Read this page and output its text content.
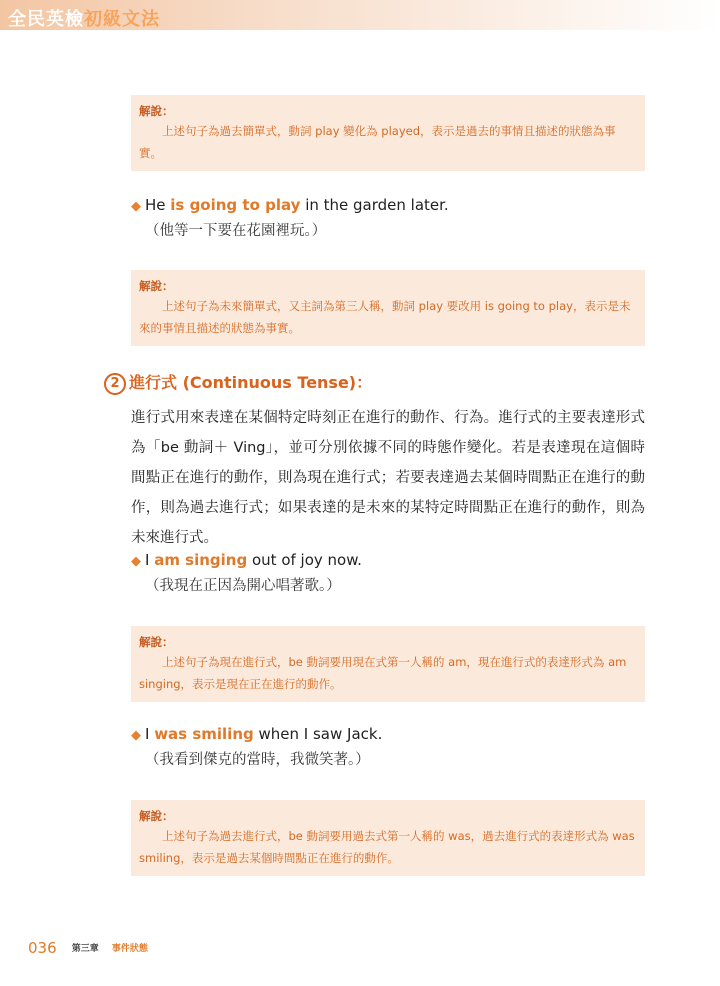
全民英檢初級文法
解說：
上述句子為過去簡單式，動詞 play 變化為 played，表示是過去的事情且描述的狀態為事實。
◆ He is going to play in the garden later.
（他等一下要在花園裡玩。）
解說：
上述句子為未來簡單式，又主詞為第三人稱，動詞 play 要改用 is going to play，表示是未來的事情且描述的狀態為事實。
2 進行式 (Continuous Tense)：
進行式用來表達在某個特定時刻正在進行的動作、行為。進行式的主要表達形式為「be 動詞＋ Ving」，並可分別依據不同的時態作變化。若是表達現在這個時間點正在進行的動作，則為現在進行式；若要表達過去某個時間點正在進行的動作，則為過去進行式；如果表達的是未來的某特定時間點正在進行的動作，則為未來進行式。
◆ I am singing out of joy now.
（我現在正因為開心唱著歌。）
解說：
上述句子為現在進行式，be 動詞要用現在式第一人稱的 am，現在進行式的表達形式為 am singing，表示是現在正在進行的動作。
◆ I was smiling when I saw Jack.
（我看到傑克的當時，我微笑著。）
解說：
上述句子為過去進行式，be 動詞要用過去式第一人稱的 was，過去進行式的表達形式為 was smiling，表示是過去某個時間點正在進行的動作。
036 第三章 事件狀態
